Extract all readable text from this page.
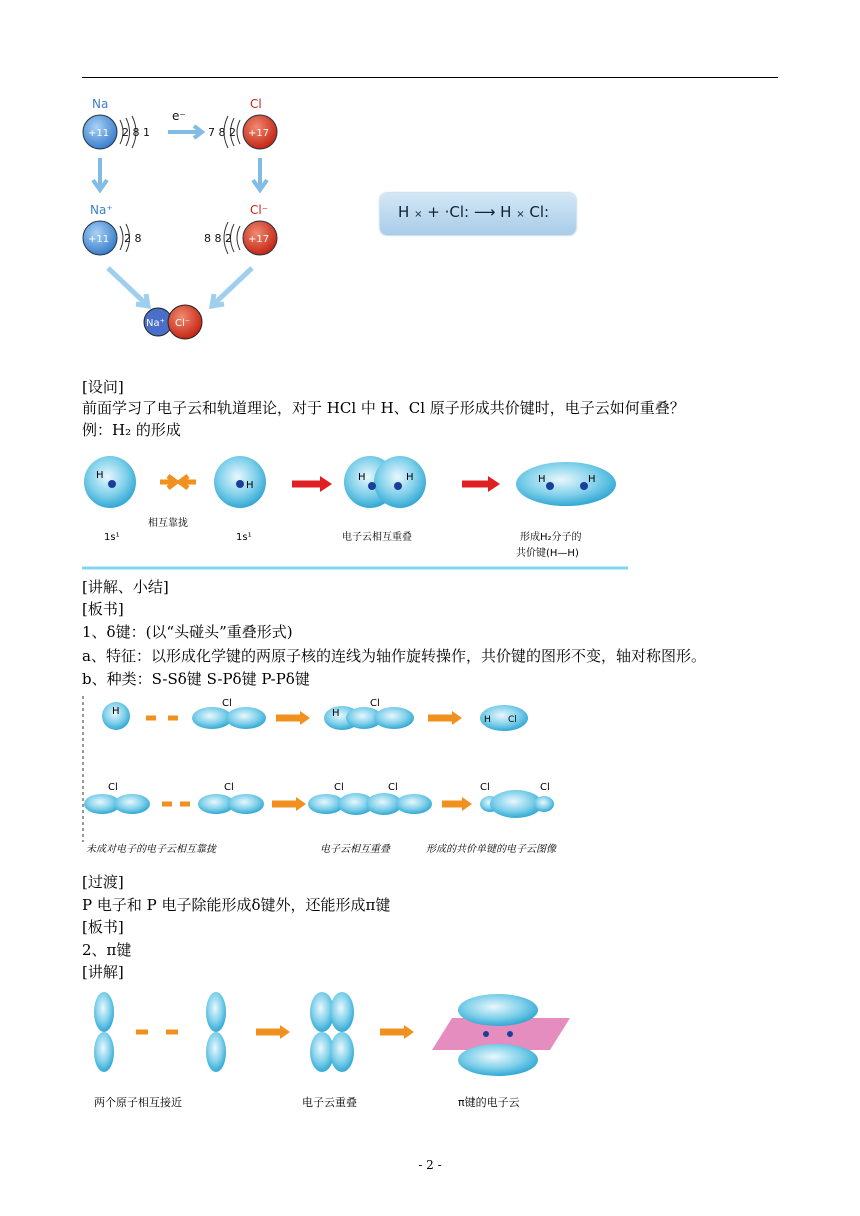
Na
+11 2 8 1
e⁻
Cl
7 8 2 +17
Na⁺
+11 2 8
Cl⁻
8 8 2 +17
Na⁺ Cl⁻
H × + ·Cl: ⟶ H × Cl:
[设问]
前面学习了电子云和轨道理论，对于 HCl 中 H、Cl 原子形成共价键时，电子云如何重叠？
例：H₂ 的形成
H
1s¹
相互靠拢
H
1s¹
H	H
电子云相互重叠
H	H
形成H₂分子的
共价键(H—H)
[讲解、小结]
[板书]
1、δ键：(以“头碰头”重叠形式)
a、特征：以形成化学键的两原子核的连线为轴作旋转操作，共价键的图形不变，轴对称图形。
b、种类：S-Sδ键 S-Pδ键 P-Pδ键
H
Cl
H
Cl
H Cl
Cl	Cl	Cl	Cl	Cl	Cl
未成对电子的电子云相互靠拢	电子云相互重叠	形成的共价单键的电子云图像
[过渡]
P 电子和 P 电子除能形成δ键外，还能形成π键
[板书]
2、π键
[讲解]
两个原子相互接近	电子云重叠	π键的电子云
- 2 -
